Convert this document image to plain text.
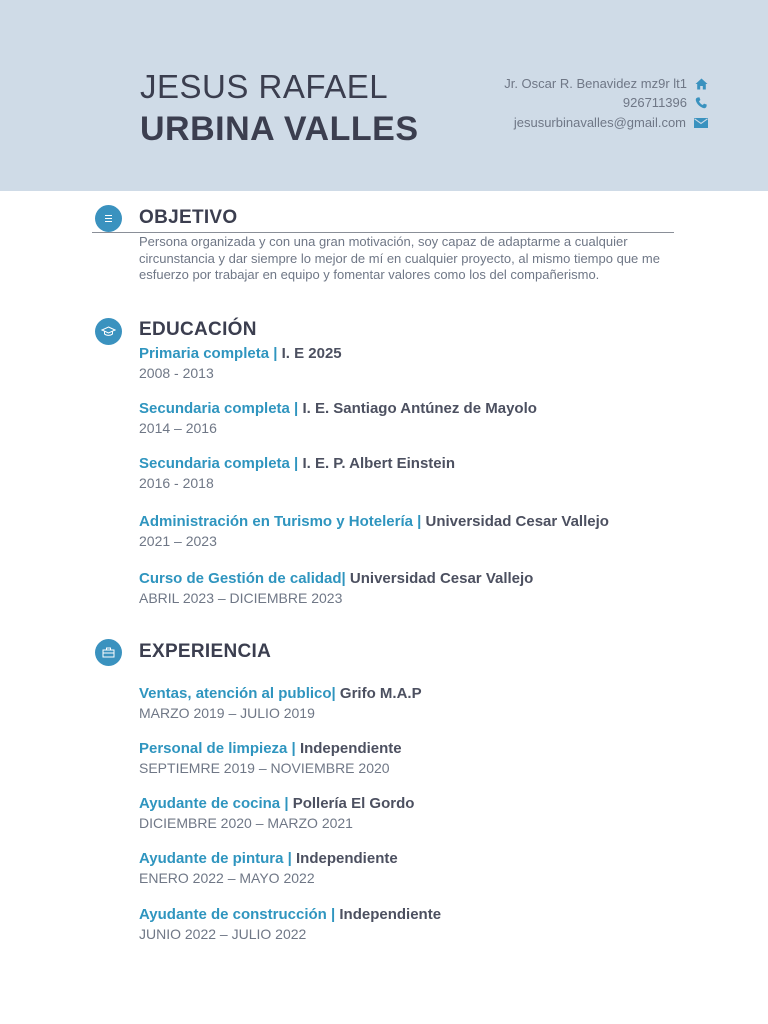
JESUS RAFAEL
URBINA VALLES
Jr. Oscar R. Benavidez mz9r lt1
926711396
jesusurbinavalles@gmail.com
OBJETIVO

Persona organizada y con una gran motivación, soy capaz de adaptarme a cualquier circunstancia y dar siempre lo mejor de mí en cualquier proyecto, al mismo tiempo que me esfuerzo por trabajar en equipo y fomentar valores como los del compañerismo.

EDUCACIÓN
Primaria completa | I. E 2025
2008 - 2013
Secundaria completa | I. E. Santiago Antúnez de Mayolo
2014 – 2016
Secundaria completa | I. E. P. Albert Einstein
2016 - 2018
Administración en Turismo y Hotelería | Universidad Cesar Vallejo
2021 – 2023
Curso de Gestión de calidad| Universidad Cesar Vallejo
ABRIL 2023 – DICIEMBRE 2023
EXPERIENCIA
Ventas, atención al publico| Grifo M.A.P
MARZO 2019 – JULIO 2019
Personal de limpieza | Independiente
SEPTIEMRE 2019 – NOVIEMBRE 2020
Ayudante de cocina | Pollería El Gordo
DICIEMBRE 2020 – MARZO 2021
Ayudante de pintura | Independiente
ENERO 2022 – MAYO 2022
Ayudante de construcción | Independiente
JUNIO 2022 – JULIO 2022
